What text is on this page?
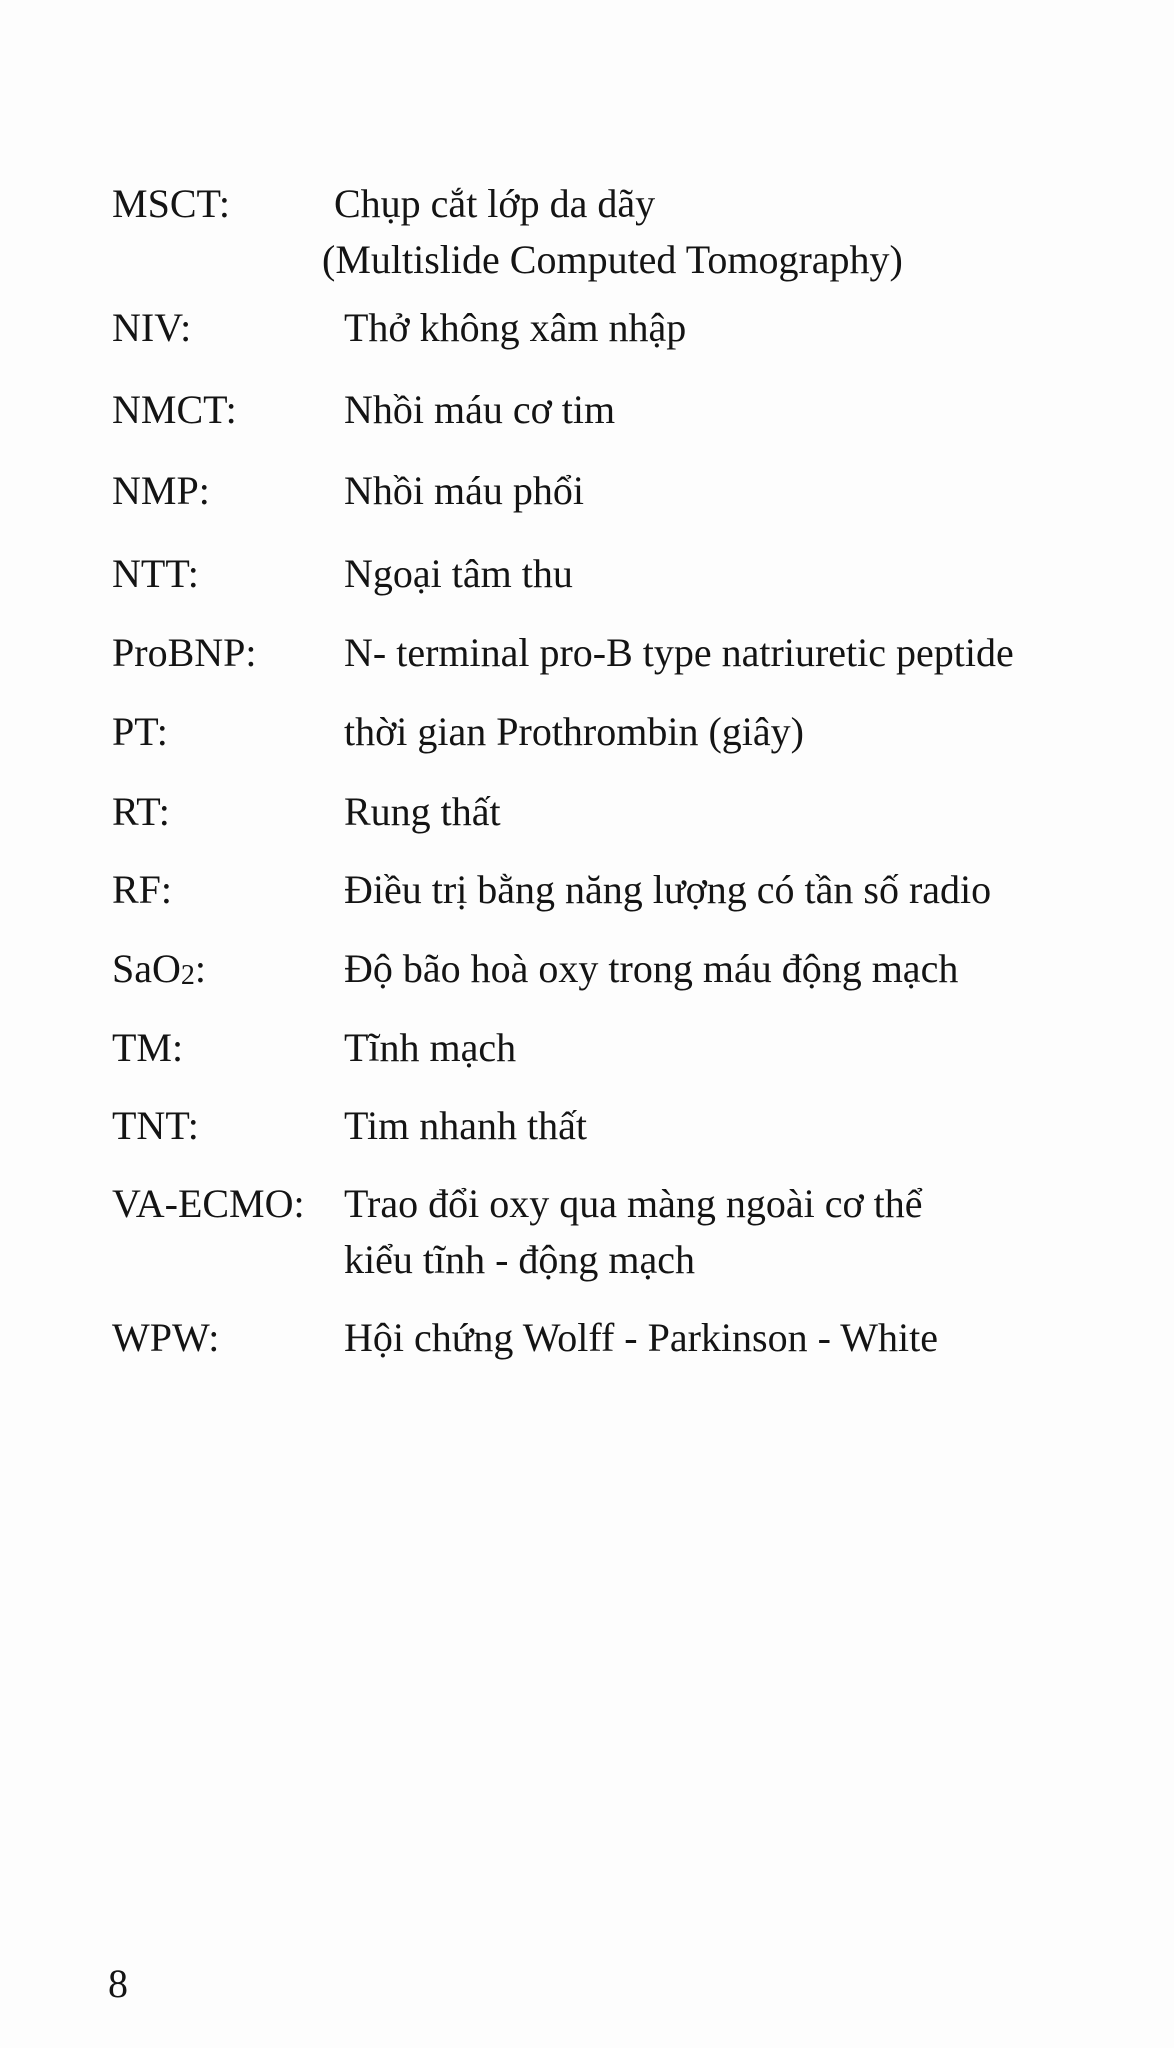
MSCT:	Chụp cắt lớp da dãy
(Multislide Computed Tomography)
NIV:	Thở không xâm nhập
NMCT:	Nhồi máu cơ tim
NMP:	Nhồi máu phổi
NTT:	Ngoại tâm thu
ProBNP: N- terminal pro-B type natriuretic peptide
PT:	thời gian Prothrombin (giây)
RT:	Rung thất
RF:	Điều trị bằng năng lượng có tần số radio
SaO$_2$:	Độ bão hoà oxy trong máu động mạch
TM:	Tĩnh mạch
TNT:	Tim nhanh thất
VA-ECMO: Trao đổi oxy qua màng ngoài cơ thể
kiểu tĩnh - động mạch
WPW:	Hội chứng Wolff - Parkinson - White
8
